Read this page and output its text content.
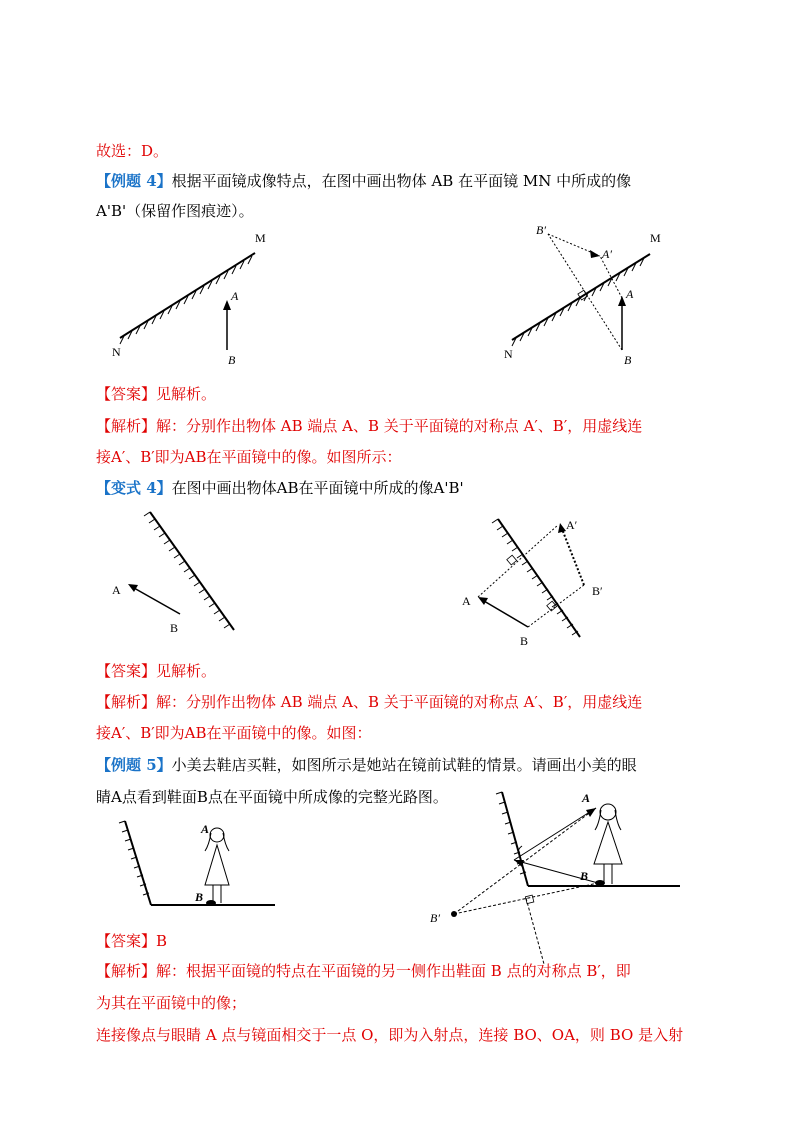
故选：D。
【例题 4】根据平面镜成像特点，在图中画出物体 AB 在平面镜 MN 中所成的像
A'B'（保留作图痕迹）。
M
N
A
B
M
N
A
B
B′
A′
【答案】见解析。
【解析】解：分别作出物体 AB 端点 A、B 关于平面镜的对称点 A′、B′，用虚线连
接A′、B′即为AB在平面镜中的像。如图所示：
【变式 4】在图中画出物体AB在平面镜中所成的像A'B'
A
B
A
B
A′
B′
【答案】见解析。
【解析】解：分别作出物体 AB 端点 A、B 关于平面镜的对称点 A′、B′，用虚线连
接A′、B′即为AB在平面镜中的像。如图：
【例题 5】小美去鞋店买鞋，如图所示是她站在镜前试鞋的情景。请画出小美的眼
睛A点看到鞋面B点在平面镜中所成像的完整光路图。
A
B
B′
A
B
【答案】B
【解析】解：根据平面镜的特点在平面镜的另一侧作出鞋面 B 点的对称点 B′，即
为其在平面镜中的像；
连接像点与眼睛 A 点与镜面相交于一点 O，即为入射点，连接 BO、OA，则 BO 是入射
